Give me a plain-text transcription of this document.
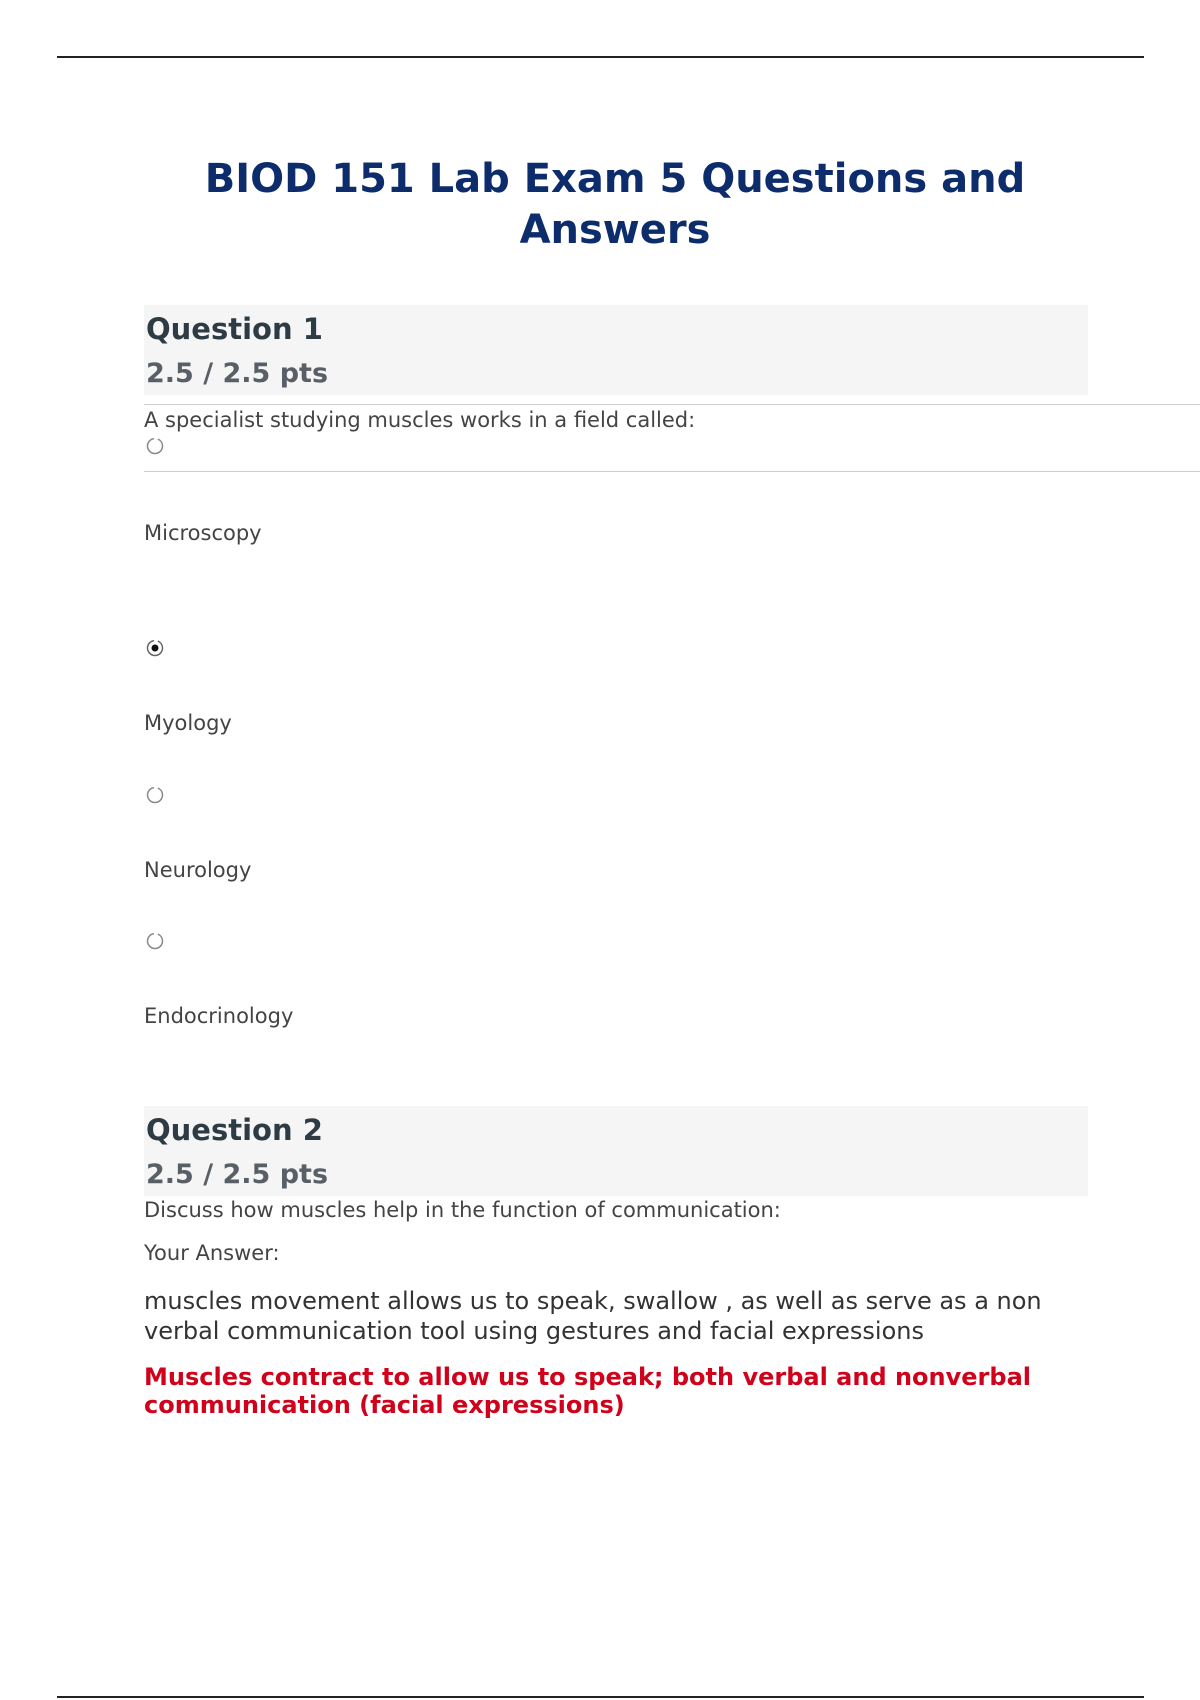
BIOD 151 Lab Exam 5 Questions and Answers

Question 1

2.5 / 2.5 pts

A specialist studying muscles works in a field called:

Microscopy

Myology

Neurology

Endocrinology

Question 2

2.5 / 2.5 pts

Discuss how muscles help in the function of communication:

Your Answer:

muscles movement allows us to speak, swallow , as well as serve as a non verbal communication tool using gestures and facial expressions

Muscles contract to allow us to speak; both verbal and nonverbal communication (facial expressions)
